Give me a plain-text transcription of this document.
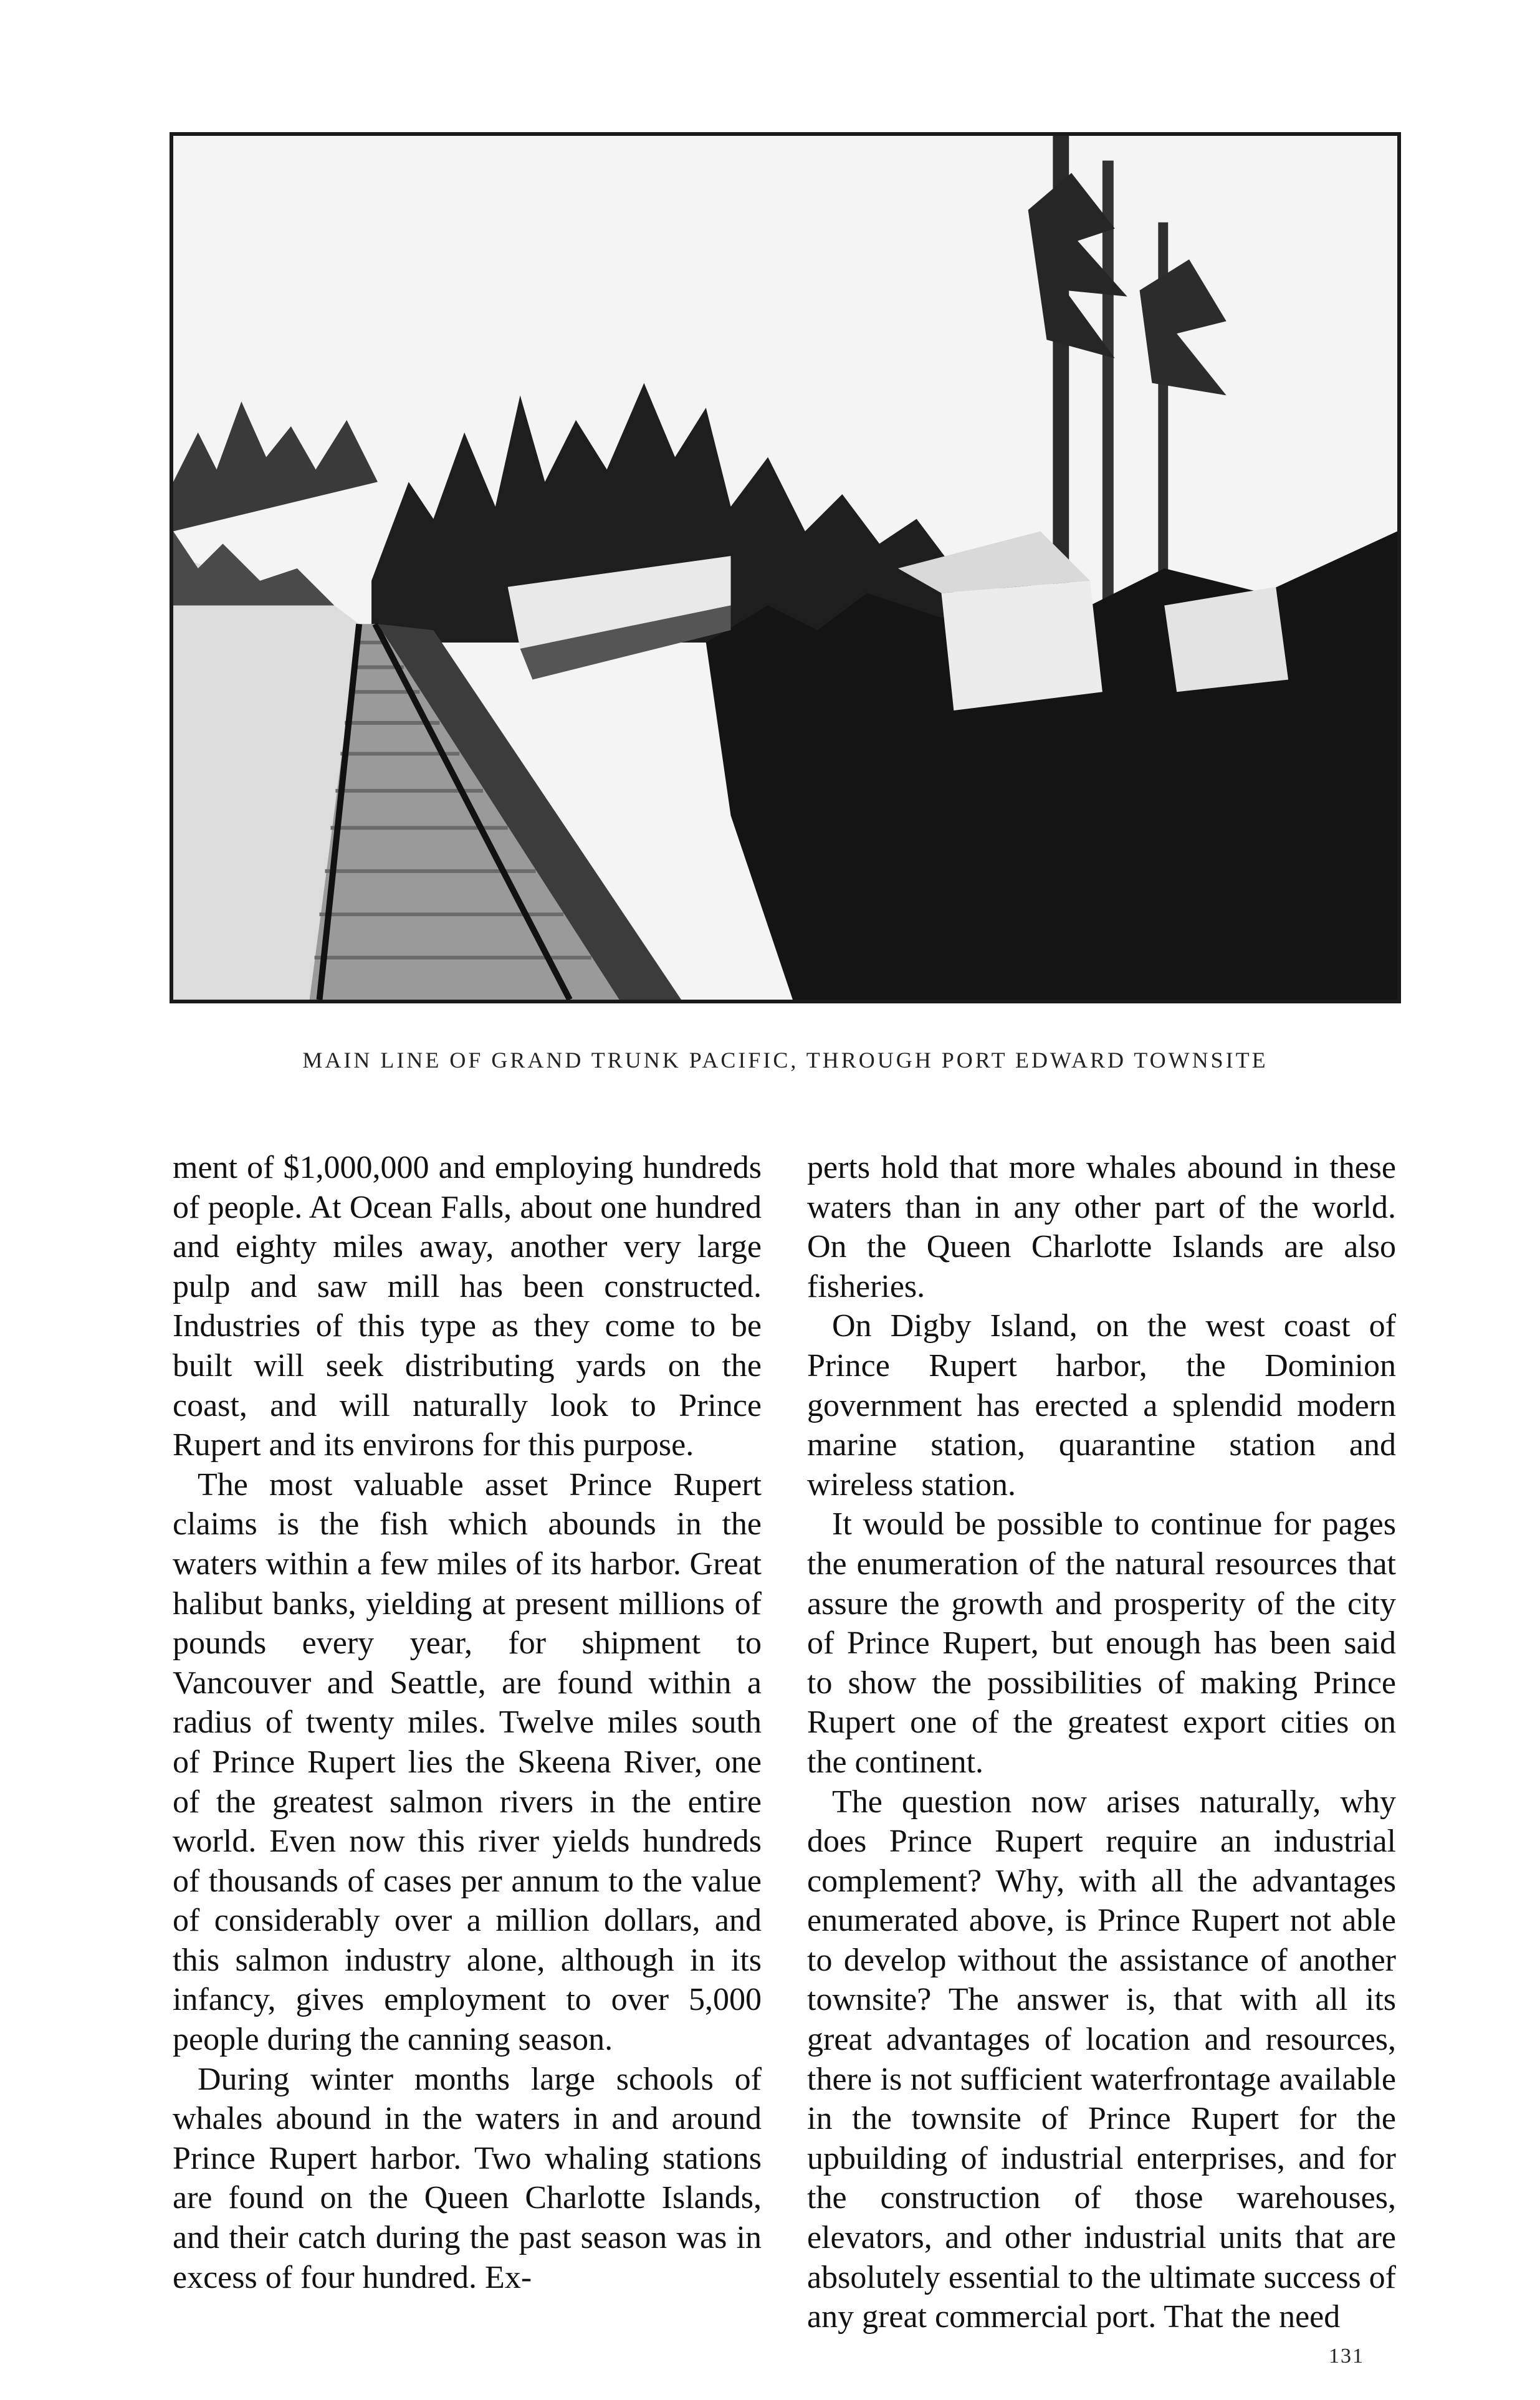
MAIN LINE OF GRAND TRUNK PACIFIC, THROUGH PORT EDWARD TOWNSITE

ment of $1,000,000 and employing hundreds of people. At Ocean Falls, about one hundred and eighty miles away, another very large pulp and saw mill has been constructed. Industries of this type as they come to be built will seek distributing yards on the coast, and will naturally look to Prince Rupert and its environs for this purpose.

The most valuable asset Prince Rupert claims is the fish which abounds in the waters within a few miles of its harbor. Great halibut banks, yielding at present millions of pounds every year, for shipment to Vancouver and Seattle, are found within a radius of twenty miles. Twelve miles south of Prince Rupert lies the Skeena River, one of the greatest salmon rivers in the entire world. Even now this river yields hundreds of thousands of cases per annum to the value of considerably over a million dollars, and this salmon industry alone, although in its infancy, gives employment to over 5,000 people during the canning season.

During winter months large schools of whales abound in the waters in and around Prince Rupert harbor. Two whaling stations are found on the Queen Charlotte Islands, and their catch during the past season was in excess of four hundred. Ex-

perts hold that more whales abound in these waters than in any other part of the world. On the Queen Charlotte Islands are also fisheries.

On Digby Island, on the west coast of Prince Rupert harbor, the Dominion government has erected a splendid modern marine station, quarantine station and wireless station.

It would be possible to continue for pages the enumeration of the natural resources that assure the growth and prosperity of the city of Prince Rupert, but enough has been said to show the possibilities of making Prince Rupert one of the greatest export cities on the continent.

The question now arises naturally, why does Prince Rupert require an industrial complement? Why, with all the advantages enumerated above, is Prince Rupert not able to develop without the assistance of another townsite? The answer is, that with all its great advantages of location and resources, there is not sufficient waterfrontage available in the townsite of Prince Rupert for the upbuilding of industrial enterprises, and for the construction of those warehouses, elevators, and other industrial units that are absolutely essential to the ultimate success of any great commercial port. That the need

131
